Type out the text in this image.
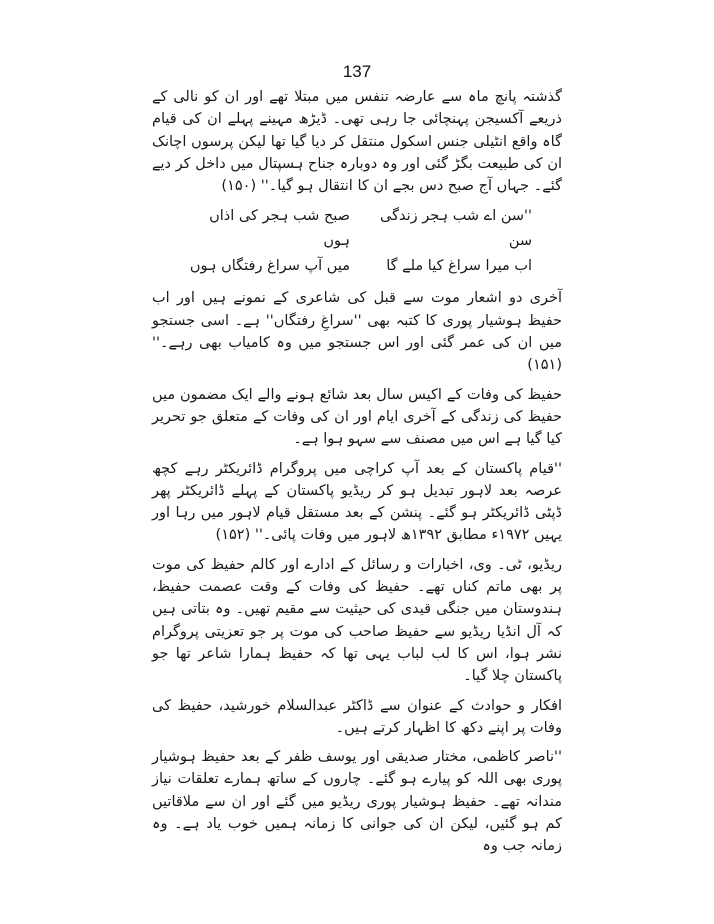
137

گذشتہ پانچ ماہ سے عارضہ تنفس میں مبتلا تھے اور ان کو نالی کے ذریعے آکسیجن پہنچائی جا رہی تھی۔ ڈیڑھ مہینے پہلے ان کی قیام گاہ واقع انٹیلی جنس اسکول منتقل کر دیا گیا تھا لیکن پرسوں اچانک ان کی طبیعت بگڑ گئی اور وہ دوبارہ جناح ہسپتال میں داخل کر دیے گئے۔ جہاں آج صبح دس بجے ان کا انتقال ہو گیا۔'' (۱۵۰)

''سن اے شب ہجر زندگی سن
صبح شب ہجر کی اذاں ہوں
اب میرا سراغ کیا ملے گا
میں آپ سراغ رفتگاں ہوں

آخری دو اشعار موت سے قبل کی شاعری کے نمونے ہیں اور اب حفیظ ہوشیار پوری کا کتبہ بھی ''سراغِ رفتگاں'' ہے۔ اسی جستجو میں ان کی عمر گئی اور اس جستجو میں وہ کامیاب بھی رہے۔'' (۱۵۱)

حفیظ کی وفات کے اکیس سال بعد شائع ہونے والے ایک مضمون میں حفیظ کی زندگی کے آخری ایام اور ان کی وفات کے متعلق جو تحریر کیا گیا ہے اس میں مصنف سے سہو ہوا ہے۔

''قیام پاکستان کے بعد آپ کراچی میں پروگرام ڈائریکٹر رہے کچھ عرصہ بعد لاہور تبدیل ہو کر ریڈیو پاکستان کے پہلے ڈائریکٹر پھر ڈپٹی ڈائریکٹر ہو گئے۔ پنشن کے بعد مستقل قیام لاہور میں رہا اور یہیں ۱۹۷۲ء مطابق ۱۳۹۲ھ لاہور میں وفات پائی۔'' (۱۵۲)

ریڈیو، ٹی۔ وی، اخبارات و رسائل کے ادارے اور کالم حفیظ کی موت پر بھی ماتم کناں تھے۔ حفیظ کی وفات کے وقت عصمت حفیظ، ہندوستان میں جنگی قیدی کی حیثیت سے مقیم تھیں۔ وہ بتاتی ہیں کہ آل انڈیا ریڈیو سے حفیظ صاحب کی موت پر جو تعزیتی پروگرام نشر ہوا، اس کا لب لباب یہی تھا کہ حفیظ ہمارا شاعر تھا جو پاکستان چلا گیا۔

افکار و حوادث کے عنوان سے ڈاکٹر عبدالسلام خورشید، حفیظ کی وفات پر اپنے دکھ کا اظہار کرتے ہیں۔

''ناصر کاظمی، مختار صدیقی اور یوسف ظفر کے بعد حفیظ ہوشیار پوری بھی اللہ کو پیارے ہو گئے۔ چاروں کے ساتھ ہمارے تعلقات نیاز مندانہ تھے۔ حفیظ ہوشیار پوری ریڈیو میں گئے اور ان سے ملاقاتیں کم ہو گئیں، لیکن ان کی جوانی کا زمانہ ہمیں خوب یاد ہے۔ وہ زمانہ جب وہ
